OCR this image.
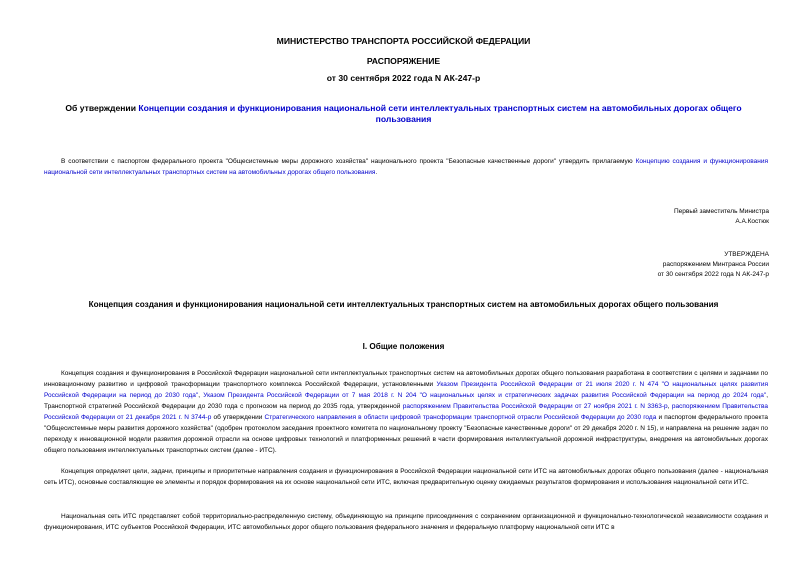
МИНИСТЕРСТВО ТРАНСПОРТА РОССИЙСКОЙ ФЕДЕРАЦИИ
РАСПОРЯЖЕНИЕ
от 30 сентября 2022 года N АК-247-р
Об утверждении Концепции создания и функционирования национальной сети интеллектуальных транспортных систем на автомобильных дорогах общего пользования
В соответствии с паспортом федерального проекта "Общесистемные меры дорожного хозяйства" национального проекта "Безопасные качественные дороги" утвердить прилагаемую Концепцию создания и функционирования национальной сети интеллектуальных транспортных систем на автомобильных дорогах общего пользования.
Первый заместитель Министра
А.А.Костюк
УТВЕРЖДЕНА
распоряжением Минтранса России
от 30 сентября 2022 года N АК-247-р
Концепция создания и функционирования национальной сети интеллектуальных транспортных систем на автомобильных дорогах общего пользования
I. Общие положения
Концепция создания и функционирования в Российской Федерации национальной сети интеллектуальных транспортных систем на автомобильных дорогах общего пользования разработана в соответствии с целями и задачами по инновационному развитию и цифровой трансформации транспортного комплекса Российской Федерации, установленными Указом Президента Российской Федерации от 21 июля 2020 г. N 474 "О национальных целях развития Российской Федерации на период до 2030 года", Указом Президента Российской Федерации от 7 мая 2018 г. N 204 "О национальных целях и стратегических задачах развития Российской Федерации на период до 2024 года", Транспортной стратегией Российской Федерации до 2030 года с прогнозом на период до 2035 года, утвержденной распоряжением Правительства Российской Федерации от 27 ноября 2021 г. N 3363-р, распоряжением Правительства Российской Федерации от 21 декабря 2021 г. N 3744-р об утверждении Стратегического направления в области цифровой трансформации транспортной отрасли Российской Федерации до 2030 года и паспортом федерального проекта "Общесистемные меры развития дорожного хозяйства" (одобрен протоколом заседания проектного комитета по национальному проекту "Безопасные качественные дороги" от 29 декабря 2020 г. N 15), и направлена на решение задач по переходу к инновационной модели развития дорожной отрасли на основе цифровых технологий и платформенных решений в части формирования интеллектуальной дорожной инфраструктуры, внедрения на автомобильных дорогах общего пользования интеллектуальных транспортных систем (далее - ИТС).
Концепция определяет цели, задачи, принципы и приоритетные направления создания и функционирования в Российской Федерации национальной сети ИТС на автомобильных дорогах общего пользования (далее - национальная сеть ИТС), основные составляющие ее элементы и порядок формирования на их основе национальной сети ИТС, включая предварительную оценку ожидаемых результатов формирования и использования национальной сети ИТС.
Национальная сеть ИТС представляет собой территориально-распределенную систему, объединяющую на принципе присоединения с сохранением организационной и функционально-технологической независимости создания и функционирования, ИТС субъектов Российской Федерации, ИТС автомобильных дорог общего пользования федерального значения и федеральную платформу национальной сети ИТС в
